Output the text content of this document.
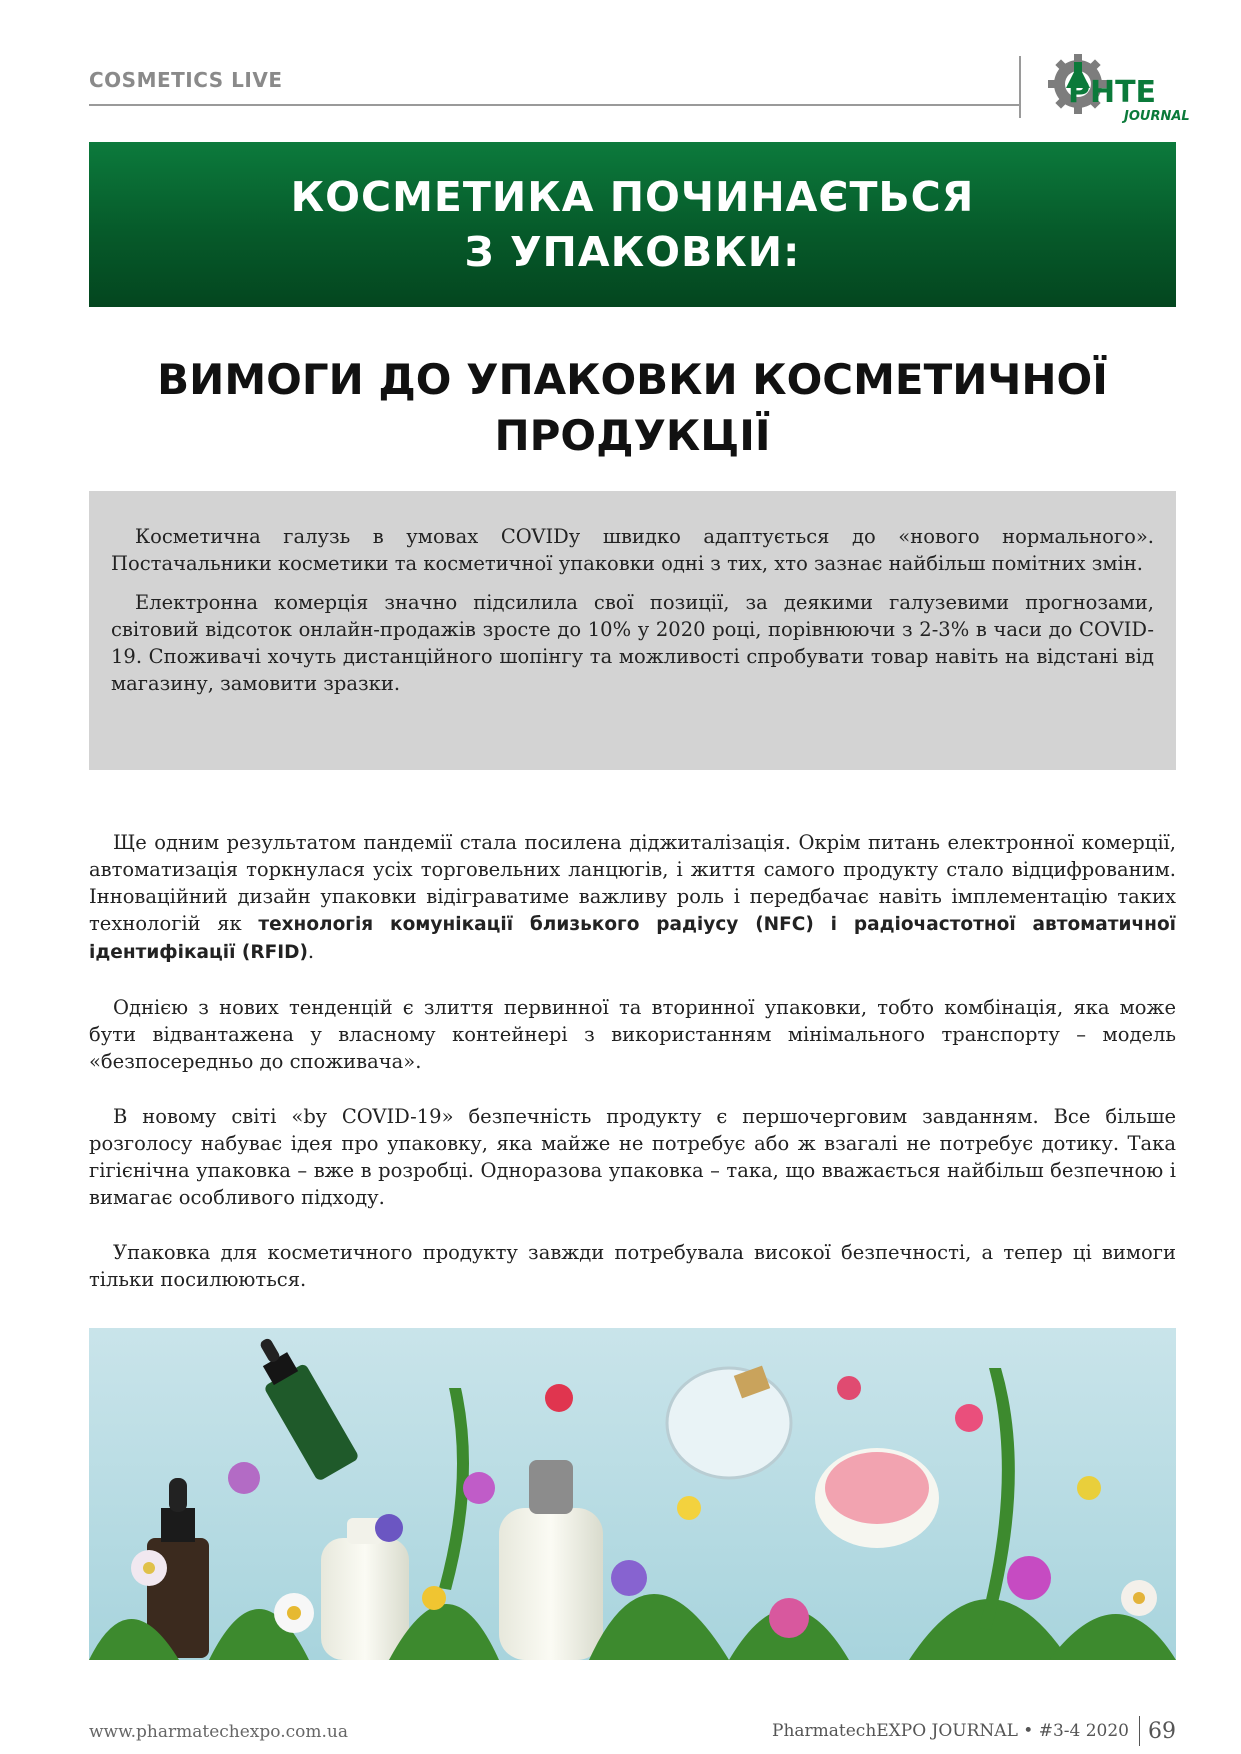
COSMETICS LIVE	PHTE
JOURNAL
КОСМЕТИКА ПОЧИНАЄТЬСЯ
З УПАКОВКИ:
ВИМОГИ ДО УПАКОВКИ КОСМЕТИЧНОЇ
ПРОДУКЦІЇ

Косметична галузь в умовах COVIDу швидко адаптується до «нового нормального». Постачальники косметики та косметичної упаковки одні з тих, хто зазнає найбільш помітних змін.

Електронна комерція значно підсилила свої позиції, за деякими галузевими прогнозами, світовий відсоток онлайн-продажів зросте до 10% у 2020 році, порівнюючи з 2-3% в часи до COVID-19. Споживачі хочуть дистанційного шопінгу та можливості спробувати товар навіть на відстані від магазину, замовити зразки.

Ще одним результатом пандемії стала посилена діджиталізація. Окрім питань електронної комерції, автоматизація торкнулася усіх торговельних ланцюгів, і життя самого продукту стало відцифрованим. Інноваційний дизайн упаковки відіграватиме важливу роль і передбачає навіть імплементацію таких технологій як технологія комунікації близького радіусу (NFC) і радіочастотної автоматичної ідентифікації (RFID).

Однією з нових тенденцій є злиття первинної та вторинної упаковки, тобто комбінація, яка може бути відвантажена у власному контейнері з використанням мінімального транспорту – модель «безпосередньо до споживача».

В новому світі «by COVID-19» безпечність продукту є першочерговим завданням. Все більше розголосу набуває ідея про упаковку, яка майже не потребує або ж взагалі не потребує дотику. Така гігієнічна упаковка – вже в розробці. Одноразова упаковка – така, що вважається найбільш безпечною і вимагає особливого підходу.

Упаковка для косметичного продукту завжди потребувала високої безпечності, а тепер ці вимоги тільки посилюються.

www.pharmatechexpo.com.ua	PharmatechEXPO JOURNAL • #3-4 2020 69
